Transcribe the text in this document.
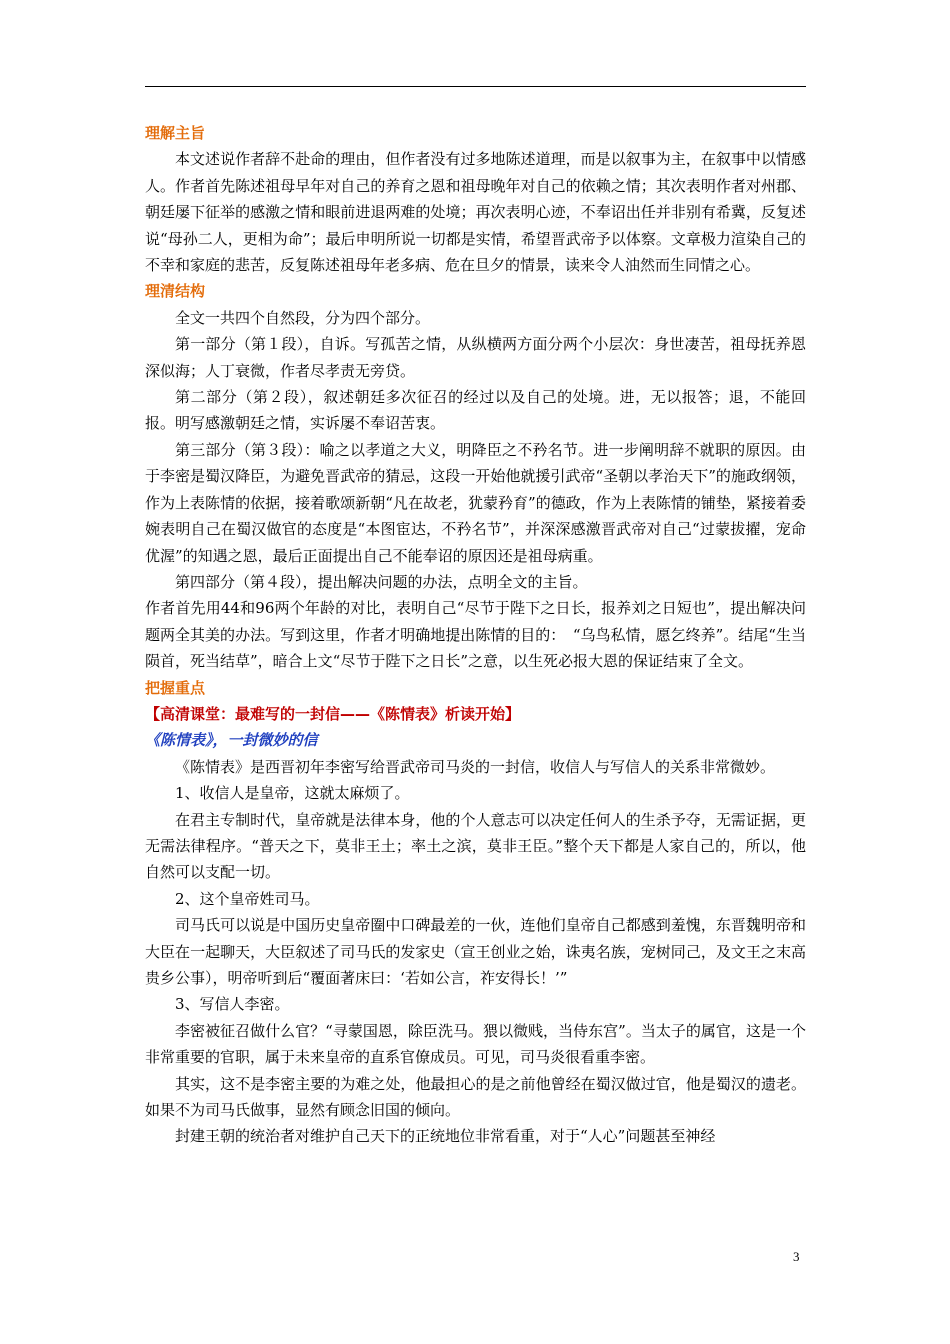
理解主旨

本文述说作者辞不赴命的理由，但作者没有过多地陈述道理，而是以叙事为主，在叙事中以情感人。作者首先陈述祖母早年对自己的养育之恩和祖母晚年对自己的依赖之情；其次表明作者对州郡、朝廷屡下征举的感激之情和眼前进退两难的处境；再次表明心迹，不奉诏出任并非别有希冀，反复述说“母孙二人，更相为命”；最后申明所说一切都是实情，希望晋武帝予以体察。文章极力渲染自己的不幸和家庭的悲苦，反复陈述祖母年老多病、危在旦夕的情景，读来令人油然而生同情之心。

理清结构

全文一共四个自然段，分为四个部分。

第一部分（第１段），自诉。写孤苦之情，从纵横两方面分两个小层次：身世凄苦，祖母抚养恩深似海；人丁衰微，作者尽孝责无旁贷。

第二部分（第２段），叙述朝廷多次征召的经过以及自己的处境。进，无以报答；退，不能回报。明写感激朝廷之情，实诉屡不奉诏苦衷。

第三部分（第３段）：喻之以孝道之大义，明降臣之不矜名节。进一步阐明辞不就职的原因。由于李密是蜀汉降臣，为避免晋武帝的猜忌，这段一开始他就援引武帝“圣朝以孝治天下”的施政纲领，作为上表陈情的依据，接着歌颂新朝“凡在故老，犹蒙矜育”的德政，作为上表陈情的铺垫，紧接着委婉表明自己在蜀汉做官的态度是“本图宦达，不矜名节”，并深深感激晋武帝对自己“过蒙拔擢，宠命优渥”的知遇之恩，最后正面提出自己不能奉诏的原因还是祖母病重。

第四部分（第４段），提出解决问题的办法，点明全文的主旨。

作者首先用44和96两个年龄的对比，表明自己“尽节于陛下之日长，报养刘之日短也”，提出解决问题两全其美的办法。写到这里，作者才明确地提出陈情的目的：　“乌鸟私情，愿乞终养”。结尾“生当陨首，死当结草”，暗合上文“尽节于陛下之日长”之意，以生死必报大恩的保证结束了全文。

把握重点

【高清课堂：最难写的一封信——《陈情表》析读开始】

《陈情表》，一封微妙的信

《陈情表》是西晋初年李密写给晋武帝司马炎的一封信，收信人与写信人的关系非常微妙。

1、收信人是皇帝，这就太麻烦了。

在君主专制时代，皇帝就是法律本身，他的个人意志可以决定任何人的生杀予夺，无需证据，更无需法律程序。“普天之下，莫非王土；率土之滨，莫非王臣。”整个天下都是人家自己的，所以，他自然可以支配一切。

2、这个皇帝姓司马。

司马氏可以说是中国历史皇帝圈中口碑最差的一伙，连他们皇帝自己都感到羞愧，东晋魏明帝和大臣在一起聊天，大臣叙述了司马氏的发家史（宣王创业之始，诛夷名族，宠树同己，及文王之末高贵乡公事），明帝听到后“覆面著床曰：‘若如公言，祚安得长！’”

3、写信人李密。

李密被征召做什么官？“寻蒙国恩，除臣洗马。猥以微贱，当侍东宫”。当太子的属官，这是一个非常重要的官职，属于未来皇帝的直系官僚成员。可见，司马炎很看重李密。

其实，这不是李密主要的为难之处，他最担心的是之前他曾经在蜀汉做过官，他是蜀汉的遗老。如果不为司马氏做事，显然有顾念旧国的倾向。

封建王朝的统治者对维护自己天下的正统地位非常看重，对于“人心”问题甚至神经

3
